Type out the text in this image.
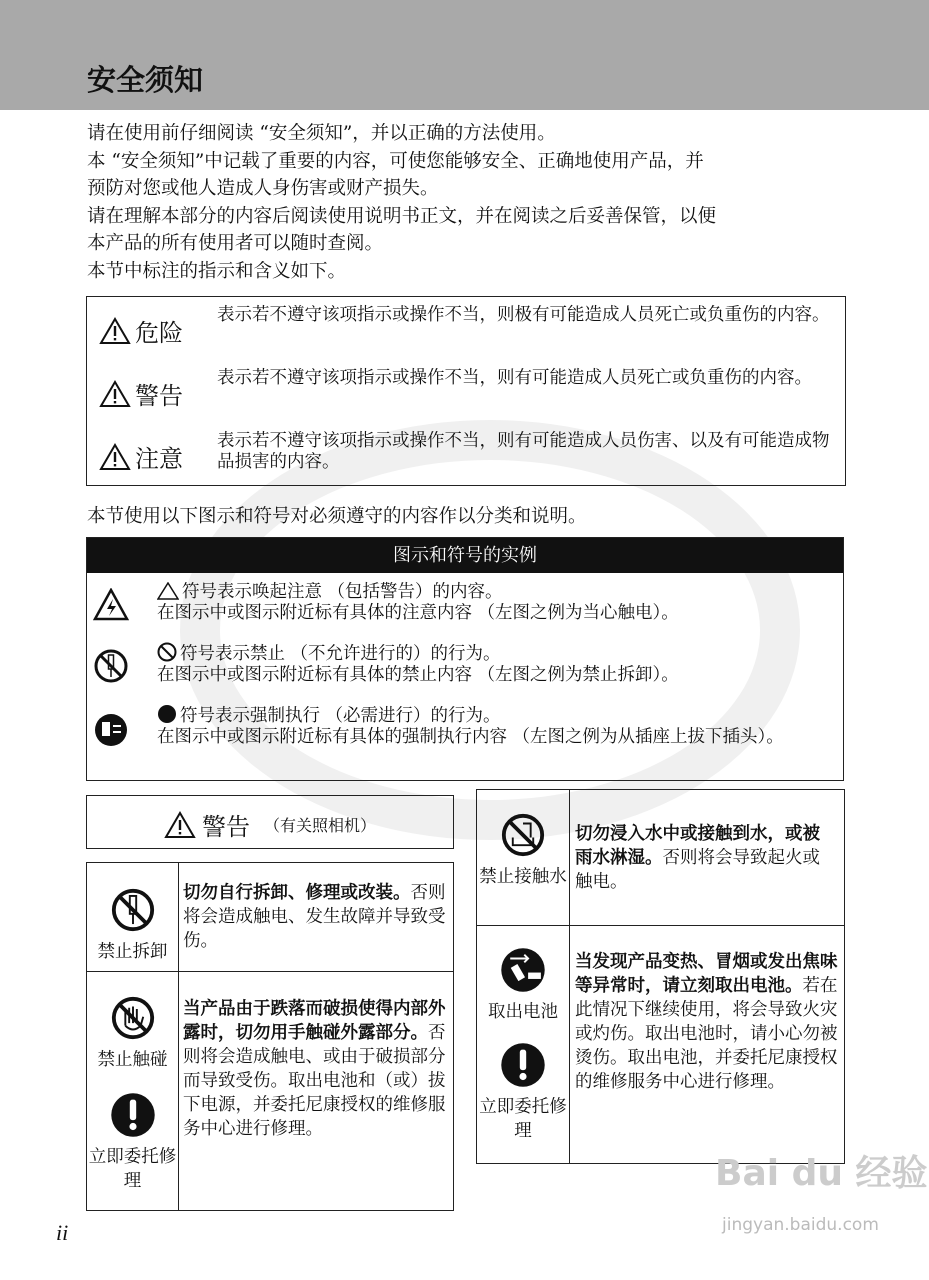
安全须知
请在使用前仔细阅读 “安全须知”，并以正确的方法使用。
本 “安全须知”中记载了重要的内容，可使您能够安全、正确地使用产品，并
预防对您或他人造成人身伤害或财产损失。
请在理解本部分的内容后阅读使用说明书正文，并在阅读之后妥善保管，以便
本产品的所有使用者可以随时查阅。
本节中标注的指示和含义如下。
危险
表示若不遵守该项指示或操作不当，则极有可能造成人员死亡或负重伤的内容。
警告
表示若不遵守该项指示或操作不当，则有可能造成人员死亡或负重伤的内容。
注意
表示若不遵守该项指示或操作不当，则有可能造成人员伤害、以及有可能造成物品损害的内容。
本节使用以下图示和符号对必须遵守的内容作以分类和说明。
图示和符号的实例
符号表示唤起注意 （包括警告）的内容。
在图示中或图示附近标有具体的注意内容 （左图之例为当心触电）。
符号表示禁止 （不允许进行的）的行为。
在图示中或图示附近标有具体的禁止内容 （左图之例为禁止拆卸）。
符号表示强制执行 （必需进行）的行为。
在图示中或图示附近标有具体的强制执行内容 （左图之例为从插座上拔下插头）。
警告 （有关照相机）
禁止拆卸
切勿自行拆卸、修理或改装。否则将会造成触电、发生故障并导致受伤。
禁止触碰
立即委托修理
当产品由于跌落而破损使得内部外露时，切勿用手触碰外露部分。否则将会造成触电、或由于破损部分而导致受伤。取出电池和（或）拔下电源，并委托尼康授权的维修服务中心进行修理。
禁止接触水
切勿浸入水中或接触到水，或被雨水淋湿。否则将会导致起火或触电。
取出电池
立即委托修理
当发现产品变热、冒烟或发出焦味等异常时，请立刻取出电池。若在此情况下继续使用，将会导致火灾或灼伤。取出电池时，请小心勿被烫伤。取出电池，并委托尼康授权的维修服务中心进行修理。
ii
Bai du 经验
jingyan.baidu.com
